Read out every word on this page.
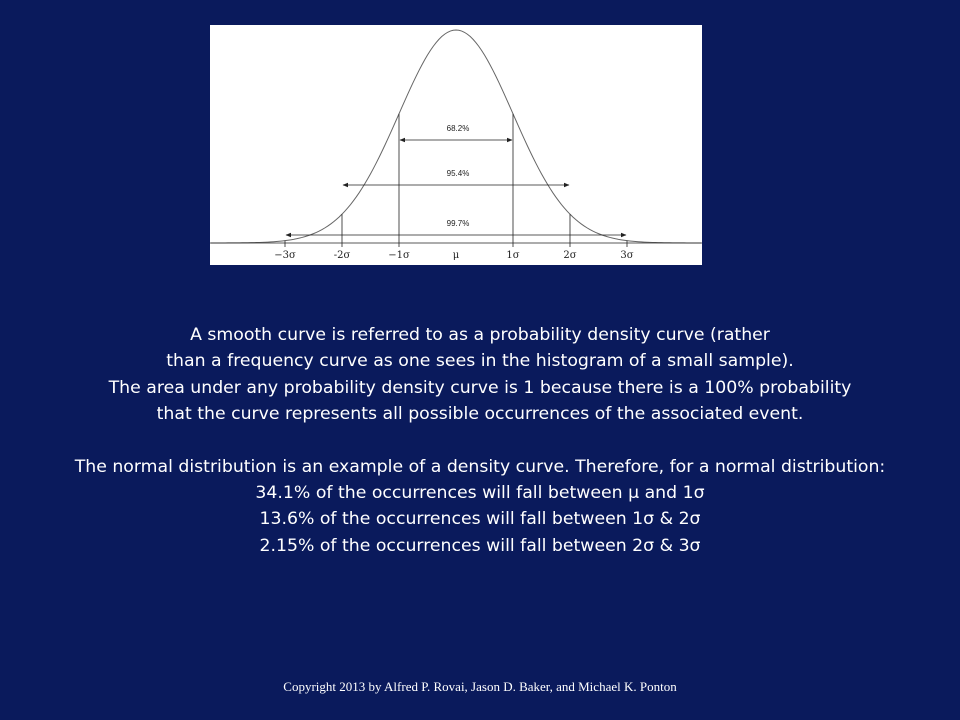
68.2%
95.4%
99.7%
−3σ	-2σ	−1σ	μ	1σ	2σ	3σ

A smooth curve is referred to as a probability density curve (rather

than a frequency curve as one sees in the histogram of a small sample).

The area under any probability density curve is 1 because there is a 100% probability

that the curve represents all possible occurrences of the associated event.

The normal distribution is an example of a density curve. Therefore, for a normal distribution:

34.1% of the occurrences will fall between μ and 1σ

13.6% of the occurrences will fall between 1σ & 2σ

2.15% of the occurrences will fall between 2σ & 3σ

Copyright 2013 by Alfred P. Rovai, Jason D. Baker, and Michael K. Ponton
